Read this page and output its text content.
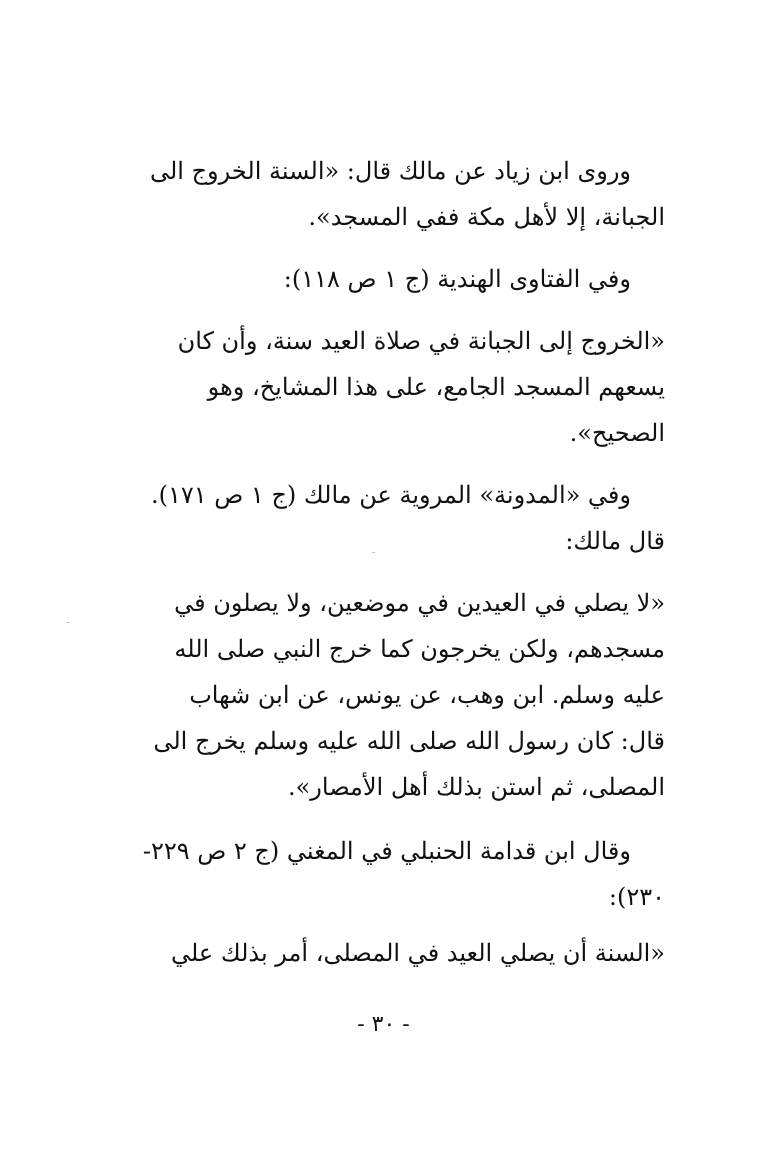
وروى ابن زياد عن مالك قال: «السنة الخروج الى
الجبانة، إلا لأهل مكة ففي المسجد».
وفي الفتاوى الهندية (ج ١ ص ١١٨):
«الخروج إلى الجبانة في صلاة العيد سنة، وأن كان
يسعهم المسجد الجامع، على هذا المشايخ، وهو
الصحيح».
وفي «المدونة» المروية عن مالك (ج ١ ص ١٧١).
قال مالك:
«لا يصلي في العيدين في موضعين، ولا يصلون في
مسجدهم، ولكن يخرجون كما خرج النبي صلى الله
عليه وسلم. ابن وهب، عن يونس، عن ابن شهاب
قال: كان رسول الله صلى الله عليه وسلم يخرج الى
المصلى، ثم استن بذلك أهل الأمصار».
وقال ابن قدامة الحنبلي في المغني (ج ٢ ص ٢٢٩-
٢٣٠):
«السنة أن يصلي العيد في المصلى، أمر بذلك علي
- ٣٠ -
